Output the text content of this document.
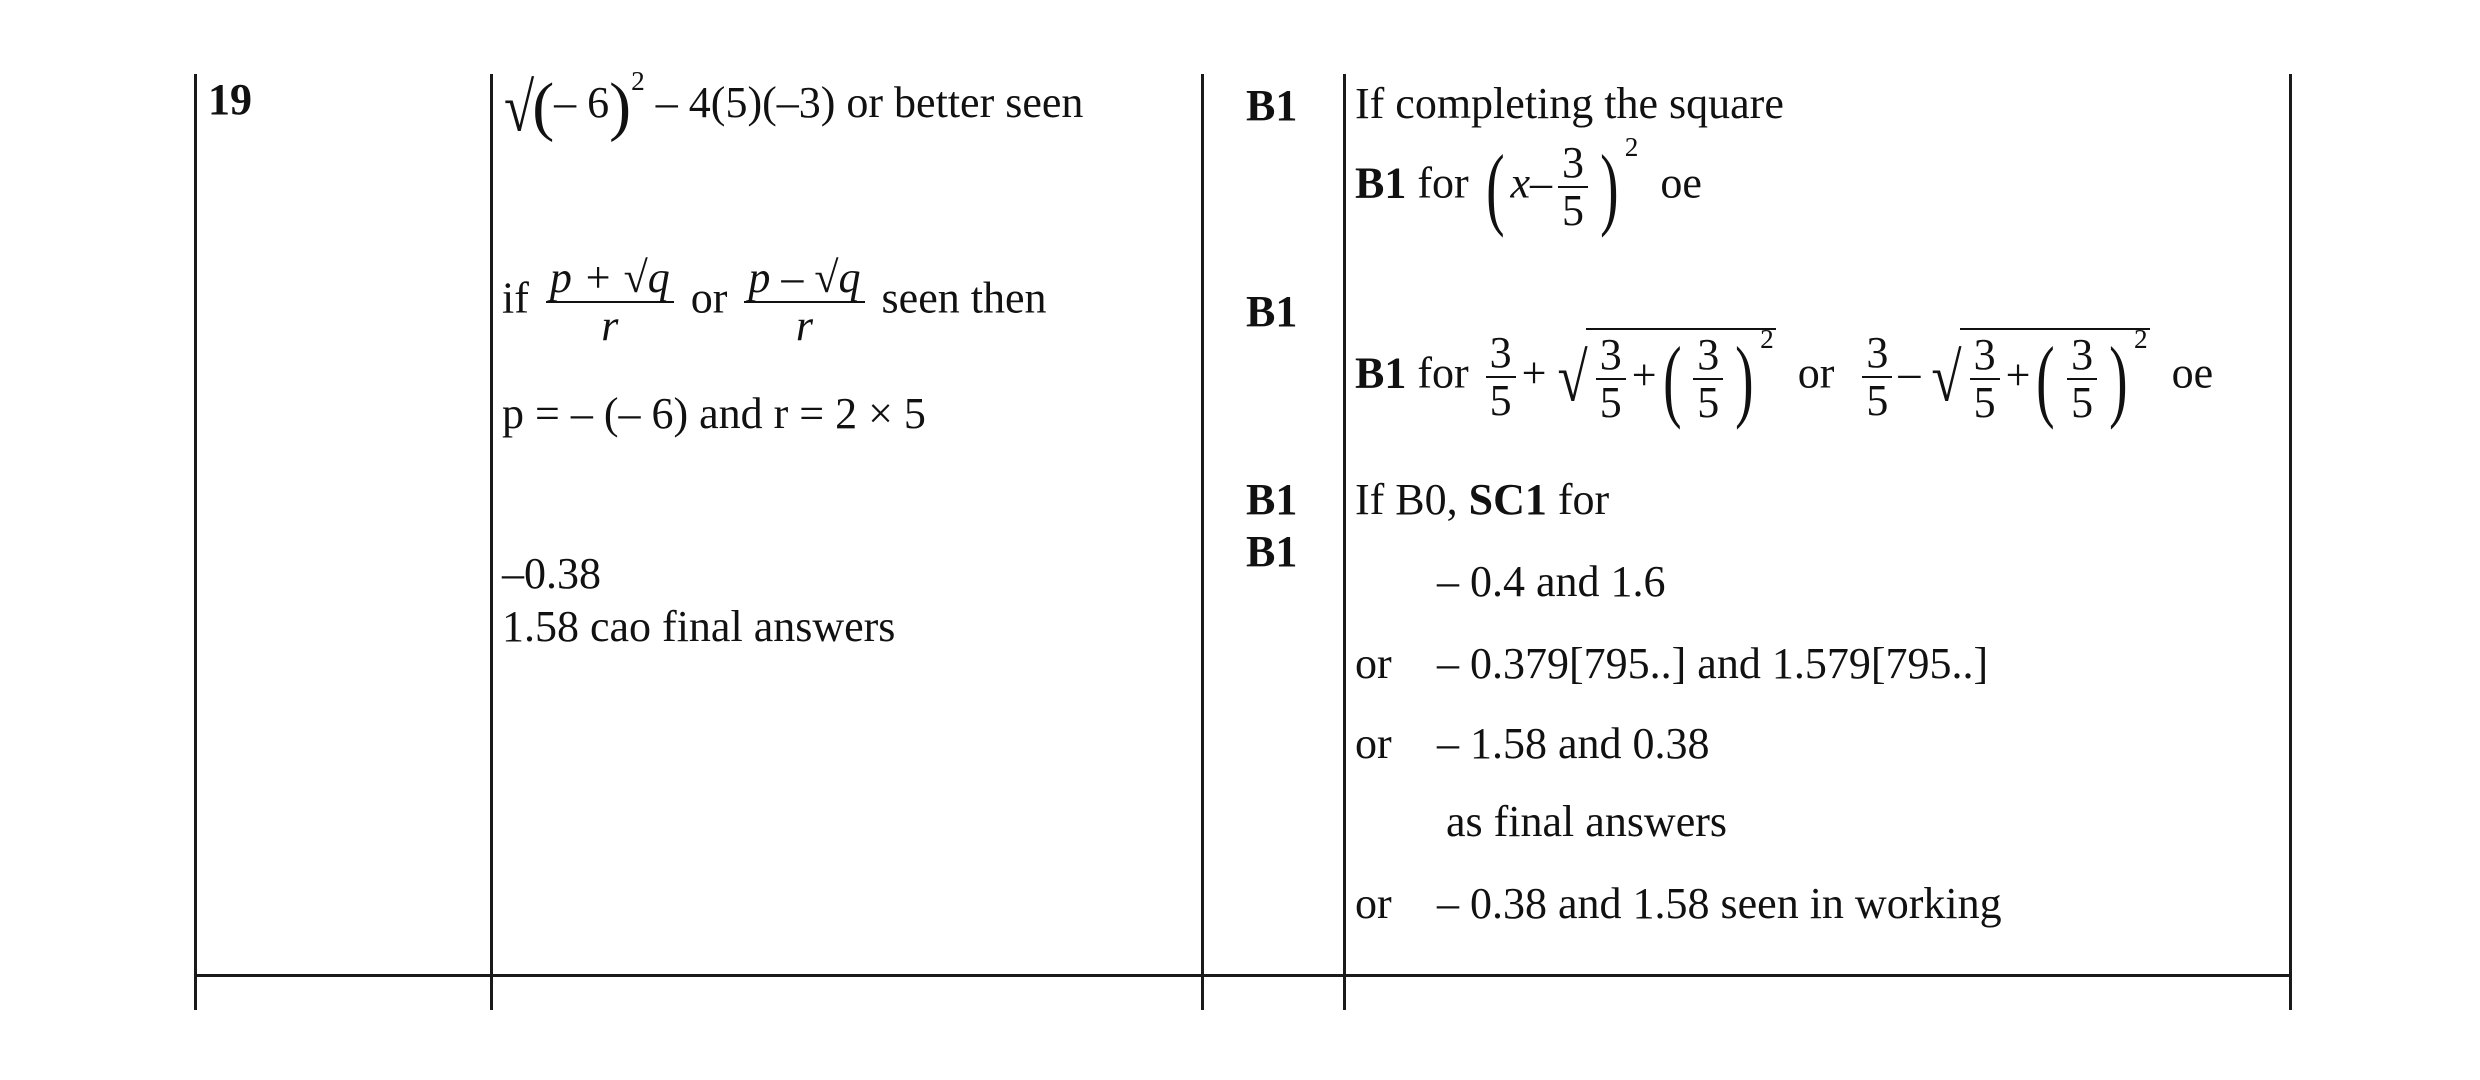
19	√(– 6)$^2$ – 4(5)(–3) or better seen
if $\frac{p + √q}{r}$ or $\frac{p - √q}{r}$ seen then
p = – (– 6) and r = 2 × 5
–0.38
1.58 cao final answers
B1
B1
B1
B1
If completing the square
B1 for ( $x- \frac{3}{5}$ ) $^2$  oe
B1 for $\frac{3}{5}$ + √ $\frac{3}{5}$ +( $\frac{3}{5}$ ) $^2$  or $\frac{3}{5}$ – √ $\frac{3}{5}$ +( $\frac{3}{5}$ ) $^2$  oe
If B0, SC1 for
– 0.4 and 1.6
or – 0.379[795..] and 1.579[795..]
or – 1.58 and 0.38
as final answers
or – 0.38 and 1.58 seen in working
